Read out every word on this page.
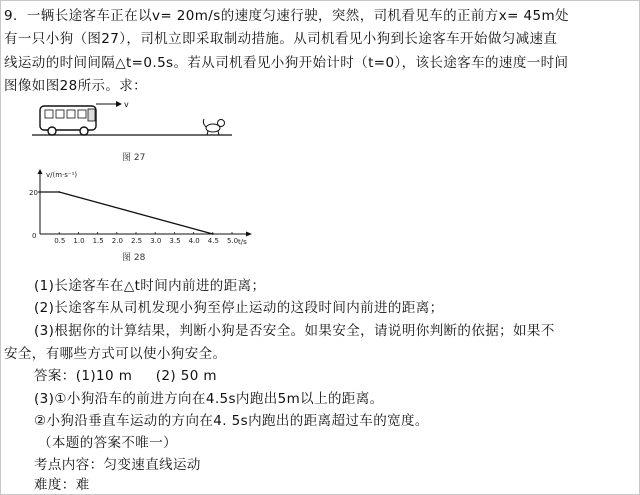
9．一辆长途客车正在以v= 20m/s的速度匀速行驶，突然，司机看见车的正前方x= 45m处
有一只小狗（图27），司机立即采取制动措施。从司机看见小狗到长途客车开始做匀减速直
线运动的时间间隔△t=0.5s。若从司机看见小狗开始计时（t=0），该长途客车的速度一时间
图像如图28所示。求：
v
图 27
v/(m·s⁻¹)
t/s
0
20
0.5 1.0 1.5 2.0 2.5 3.0 3.5 4.0 4.5 5.0
图 28
(1)长途客车在△t时间内前进的距离；
(2)长途客车从司机发现小狗至停止运动的这段时间内前进的距离；
(3)根据你的计算结果，判断小狗是否安全。如果安全，请说明你判断的依据；如果不
安全，有哪些方式可以使小狗安全。
答案：(1)10 m     (2) 50 m
(3)①小狗沿车的前进方向在4.5s内跑出5m以上的距离。
②小狗沿垂直车运动的方向在4. 5s内跑出的距离超过车的宽度。
（本题的答案不唯一）
考点内容：匀变速直线运动
难度：难
